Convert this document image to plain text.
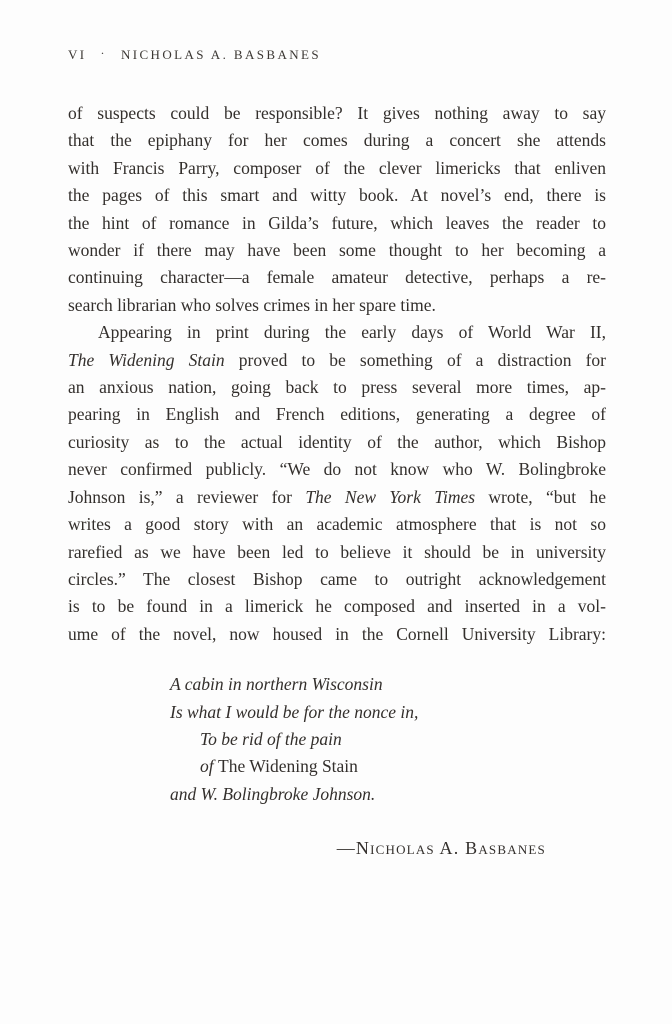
VI · NICHOLAS A. BASBANES
of suspects could be responsible? It gives nothing away to say
that the epiphany for her comes during a concert she attends
with Francis Parry, composer of the clever limericks that enliven
the pages of this smart and witty book. At novel’s end, there is
the hint of romance in Gilda’s future, which leaves the reader to
wonder if there may have been some thought to her becoming a
continuing character—a female amateur detective, perhaps a re-
search librarian who solves crimes in her spare time.
Appearing in print during the early days of World War II,
The Widening Stain proved to be something of a distraction for
an anxious nation, going back to press several more times, ap-
pearing in English and French editions, generating a degree of
curiosity as to the actual identity of the author, which Bishop
never confirmed publicly. “We do not know who W. Bolingbroke
Johnson is,” a reviewer for The New York Times wrote, “but he
writes a good story with an academic atmosphere that is not so
rarefied as we have been led to believe it should be in university
circles.” The closest Bishop came to outright acknowledgement
is to be found in a limerick he composed and inserted in a vol-
ume of the novel, now housed in the Cornell University Library:
A cabin in northern Wisconsin
Is what I would be for the nonce in,
To be rid of the pain
of The Widening Stain
and W. Bolingbroke Johnson.
—Nicholas A. Basbanes
